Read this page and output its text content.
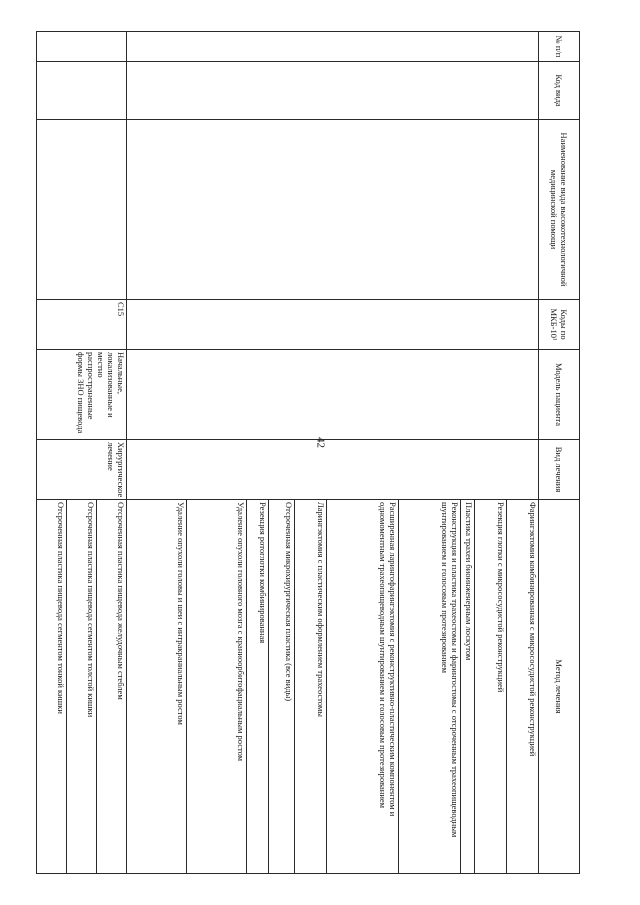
42
№ п/п	Код вида	Наименование вида высокотехнологичной медицинской помощи	Коды по МКБ-10¹	Модель пациента	Вид лечения	Метод лечения

						Фарингэктомия комбинированная с микрососудистой реконструкцией

						Резекция глотки с микрососудистой реконструкцией

						Пластика трахеи биоинженерным лоскутом

						Реконструкция и пластика трахеостомы и фарингостомы с отсроченным трахеопищеводным шунтированием и голосовым протезированием

						Расширенная ларингофарингэктомия с реконструктивно-пластическим компонентом и одномоментным трахеопищеводным шунтированием и голосовым протезированием

						Ларингэктомия с пластическим оформлением трахеостомы

						Отсроченная микрохирургическая пластика (все виды)

						Резекция ротоглотки комбинированная

						Удаление опухоли головного мозга с краниоорбитофациальным ростом

						Удаление опухоли головы и шеи с интракраниальным ростом

			C15	Начальные, локализованные и местно распространенные формы ЗНО пищевода	Хирургическое лечение	Отсроченная пластика пищевода желудочным стеблем

						Отсроченная пластика пищевода сегментом толстой кишки

						Отсроченная пластика пищевода сегментом тонкой кишки
